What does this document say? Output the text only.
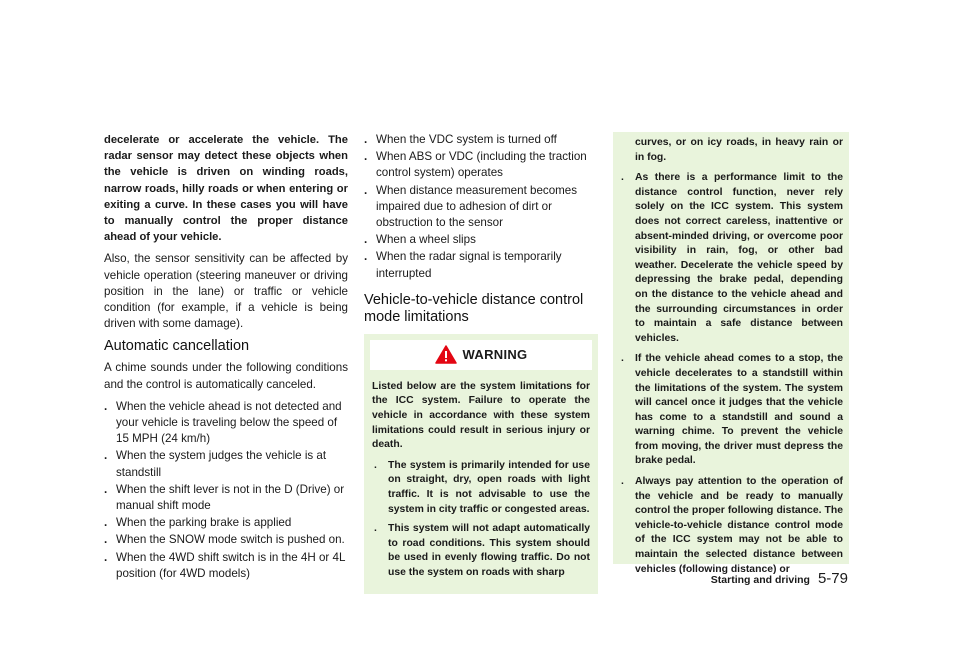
decelerate or accelerate the vehicle. The radar sensor may detect these objects when the vehicle is driven on winding roads, narrow roads, hilly roads or when entering or exiting a curve. In these cases you will have to manually control the proper distance ahead of your vehicle.

Also, the sensor sensitivity can be affected by vehicle operation (steering maneuver or driving position in the lane) or traffic or vehicle condition (for example, if a vehicle is being driven with some damage).

Automatic cancellation

A chime sounds under the following conditions and the control is automatically canceled.

. When the vehicle ahead is not detected and your vehicle is traveling below the speed of 15 MPH (24 km/h)
. When the system judges the vehicle is at standstill
. When the shift lever is not in the D (Drive) or manual shift mode
. When the parking brake is applied
. When the SNOW mode switch is pushed on.
. When the 4WD shift switch is in the 4H or 4L position (for 4WD models)
. When the VDC system is turned off
. When ABS or VDC (including the traction control system) operates
. When distance measurement becomes impaired due to adhesion of dirt or obstruction to the sensor
. When a wheel slips
. When the radar signal is temporarily interrupted
Vehicle-to-vehicle distance control mode limitations
WARNING

Listed below are the system limitations for the ICC system. Failure to operate the vehicle in accordance with these system limitations could result in serious injury or death.

. The system is primarily intended for use on straight, dry, open roads with light traffic. It is not advisable to use the system in city traffic or congested areas.
. This system will not adapt automatically to road conditions. This system should be used in evenly flowing traffic. Do not use the system on roads with sharp

curves, or on icy roads, in heavy rain or in fog.

. As there is a performance limit to the distance control function, never rely solely on the ICC system. This system does not correct careless, inattentive or absent-minded driving, or overcome poor visibility in rain, fog, or other bad weather. Decelerate the vehicle speed by depressing the brake pedal, depending on the distance to the vehicle ahead and the surrounding circumstances in order to maintain a safe distance between vehicles.
. If the vehicle ahead comes to a stop, the vehicle decelerates to a standstill within the limitations of the system. The system will cancel once it judges that the vehicle has come to a standstill and sound a warning chime. To prevent the vehicle from moving, the driver must depress the brake pedal.
. Always pay attention to the operation of the vehicle and be ready to manually control the proper following distance. The vehicle-to-vehicle distance control mode of the ICC system may not be able to maintain the selected distance between vehicles (following distance) or
Starting and driving 5-79
